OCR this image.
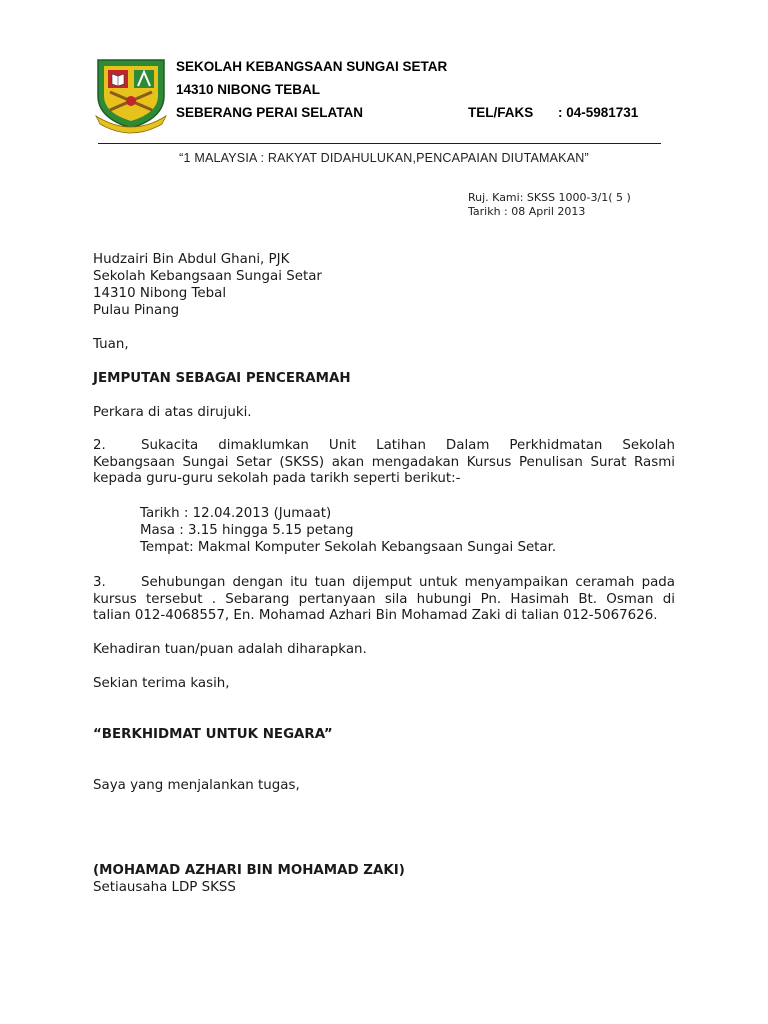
· · · · ·
SEKOLAH KEBANGSAAN SUNGAI SETAR
14310 NIBONG TEBAL
SEBERANG PERAI SELATAN	TEL/FAKS : 04-5981731
“1 MALAYSIA : RAKYAT DIDAHULUKAN,PENCAPAIAN DIUTAMAKAN”
Ruj. Kami: SKSS 1000-3/1( 5 )
Tarikh : 08 April 2013
Hudzairi Bin Abdul Ghani, PJK
Sekolah Kebangsaan Sungai Setar
14310 Nibong Tebal
Pulau Pinang
Tuan,
JEMPUTAN SEBAGAI PENCERAMAH
Perkara di atas dirujuki.
2.	Sukacita dimaklumkan Unit Latihan Dalam Perkhidmatan Sekolah
Kebangsaan Sungai Setar (SKSS) akan mengadakan Kursus Penulisan Surat Rasmi
kepada guru-guru sekolah pada tarikh seperti berikut:-
Tarikh : 12.04.2013 (Jumaat)
Masa : 3.15 hingga 5.15 petang
Tempat: Makmal Komputer Sekolah Kebangsaan Sungai Setar.
3.	Sehubungan dengan itu tuan dijemput untuk menyampaikan ceramah pada
kursus tersebut . Sebarang pertanyaan sila hubungi Pn. Hasimah Bt. Osman di
talian 012-4068557, En. Mohamad Azhari Bin Mohamad Zaki di talian 012-5067626.
Kehadiran tuan/puan adalah diharapkan.
Sekian terima kasih,
“BERKHIDMAT UNTUK NEGARA”
Saya yang menjalankan tugas,
(MOHAMAD AZHARI BIN MOHAMAD ZAKI)
Setiausaha LDP SKSS
